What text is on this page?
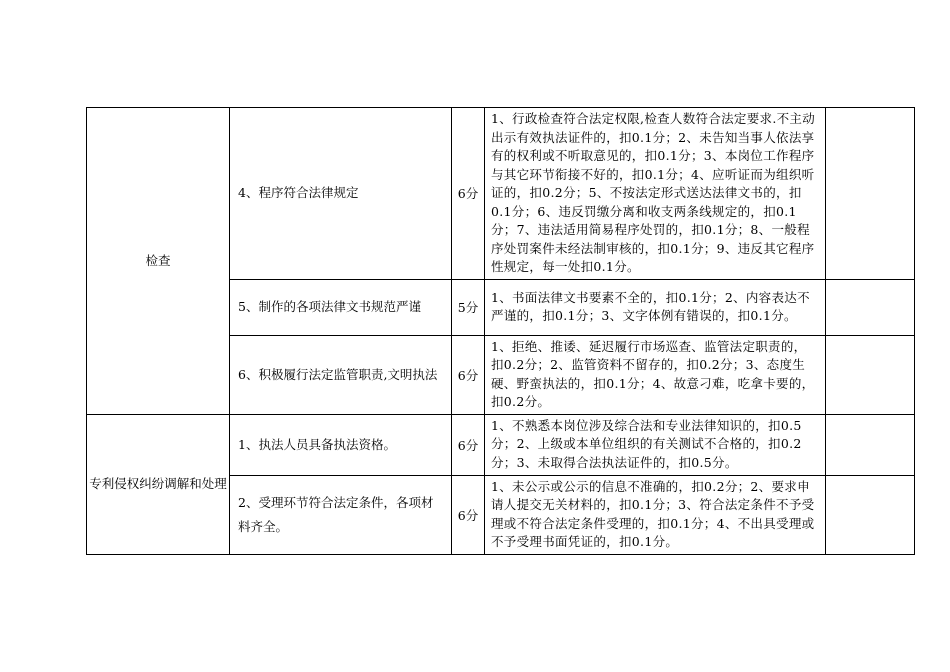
检查	4、程序符合法律规定	6分	1、行政检查符合法定权限,检查人数符合法定要求.不主动出示有效执法证件的，扣0.1分；2、未告知当事人依法享有的权利或不听取意见的，扣0.1分；3、本岗位工作程序与其它环节衔接不好的，扣0.1分；4、应听证而为组织听证的，扣0.2分；5、不按法定形式送达法律文书的，扣0.1分；6、违反罚缴分离和收支两条线规定的，扣0.1分；7、违法适用简易程序处罚的，扣0.1分；8、一般程序处罚案件未经法制审核的，扣0.1分；9、违反其它程序性规定，每一处扣0.1分。	
	5、制作的各项法律文书规范严谨	5分	1、书面法律文书要素不全的，扣0.1分；2、内容表达不严谨的，扣0.1分；3、文字体例有错误的，扣0.1分。	
	6、积极履行法定监管职责,文明执法	6分	1、拒绝、推诿、延迟履行市场巡查、监管法定职责的，扣0.2分；2、监管资料不留存的，扣0.2分；3、态度生硬、野蛮执法的，扣0.1分；4、故意刁难，吃拿卡要的，扣0.2分。	
专利侵权纠纷调解和处理	1、执法人员具备执法资格。	6分	1、不熟悉本岗位涉及综合法和专业法律知识的，扣0.5分；2、上级或本单位组织的有关测试不合格的，扣0.2分；3、未取得合法执法证件的，扣0.5分。	
	2、受理环节符合法定条件，各项材料齐全。	6分	1、未公示或公示的信息不准确的，扣0.2分；2、要求申请人提交无关材料的，扣0.1分；3、符合法定条件不予受理或不符合法定条件受理的，扣0.1分；4、不出具受理或不予受理书面凭证的，扣0.1分。	
